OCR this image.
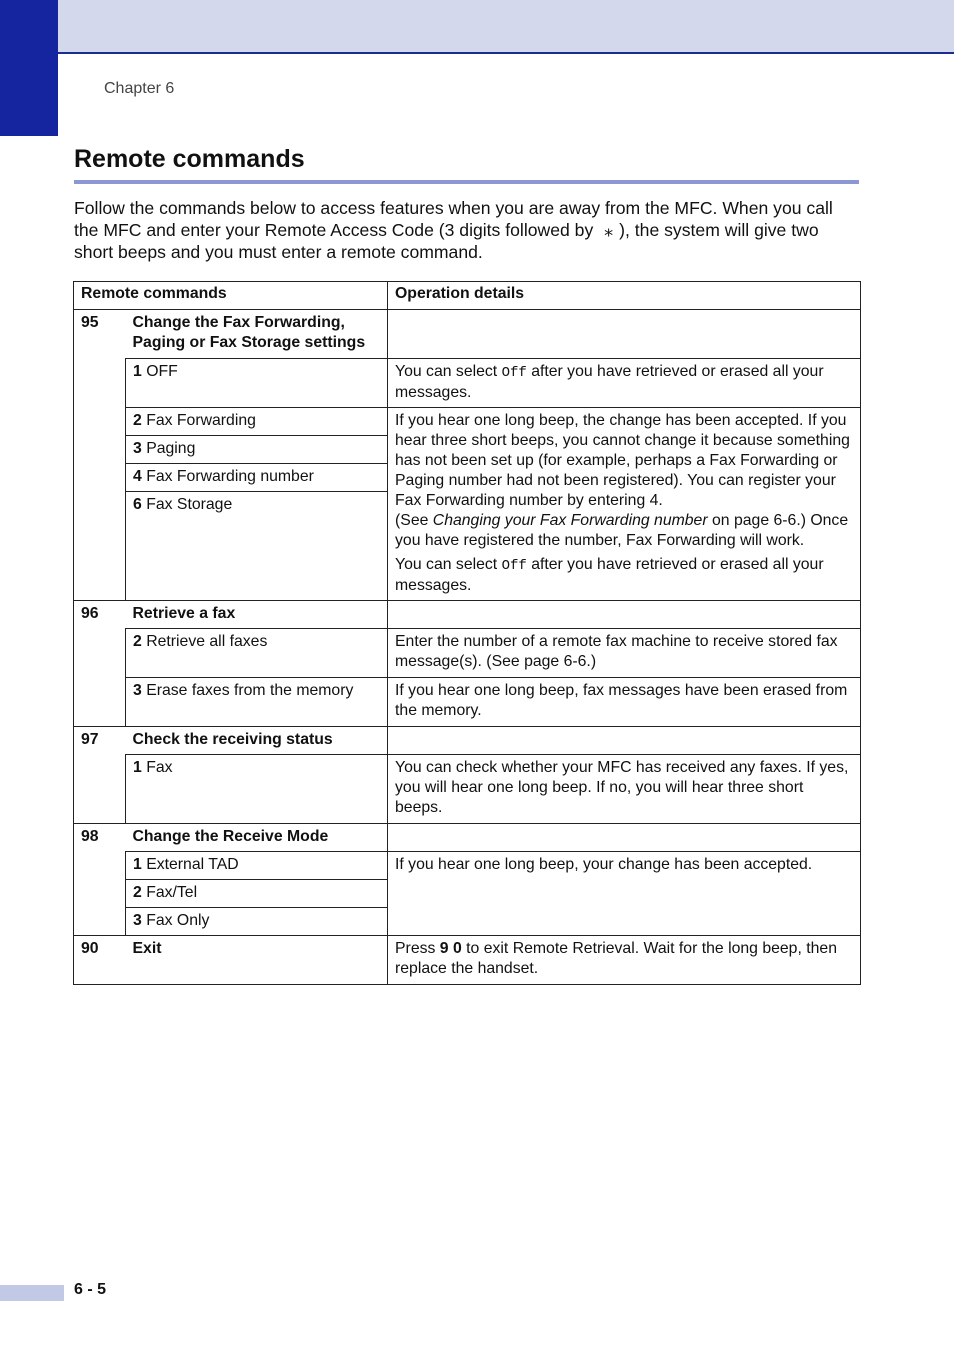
Chapter 6
Remote commands

Follow the commands below to access features when you are away from the MFC. When you call the MFC and enter your Remote Access Code (3 digits followed by ⁎ ), the system will give two short beeps and you must enter a remote command.

Remote commands		Operation details
95	Change the Fax Forwarding, Paging or Fax Storage settings	
	1 OFF	You can select Off after you have retrieved or erased all your messages.
	2 Fax Forwarding	If you hear one long beep, the change has been accepted. If you hear three short beeps, you cannot change it because something has not been set up (for example, perhaps a Fax Forwarding or Paging number had not been registered). You can register your Fax Forwarding number by entering 4.
(See Changing your Fax Forwarding number on page 6-6.) Once you have registered the number, Fax Forwarding will work.

You can select Off after you have retrieved or erased all your messages.

	3 Paging	
	4 Fax Forwarding number	
	6 Fax Storage	
96	Retrieve a fax	
	2 Retrieve all faxes	Enter the number of a remote fax machine to receive stored fax message(s). (See page 6-6.)
	3 Erase faxes from the memory	If you hear one long beep, fax messages have been erased from the memory.
97	Check the receiving status	
	1 Fax	You can check whether your MFC has received any faxes. If yes, you will hear one long beep. If no, you will hear three short beeps.
98	Change the Receive Mode	
	1 External TAD	If you hear one long beep, your change has been accepted.
	2 Fax/Tel	
	3 Fax Only	
90	Exit	Press 9 0 to exit Remote Retrieval. Wait for the long beep, then replace the handset.
6 - 5
